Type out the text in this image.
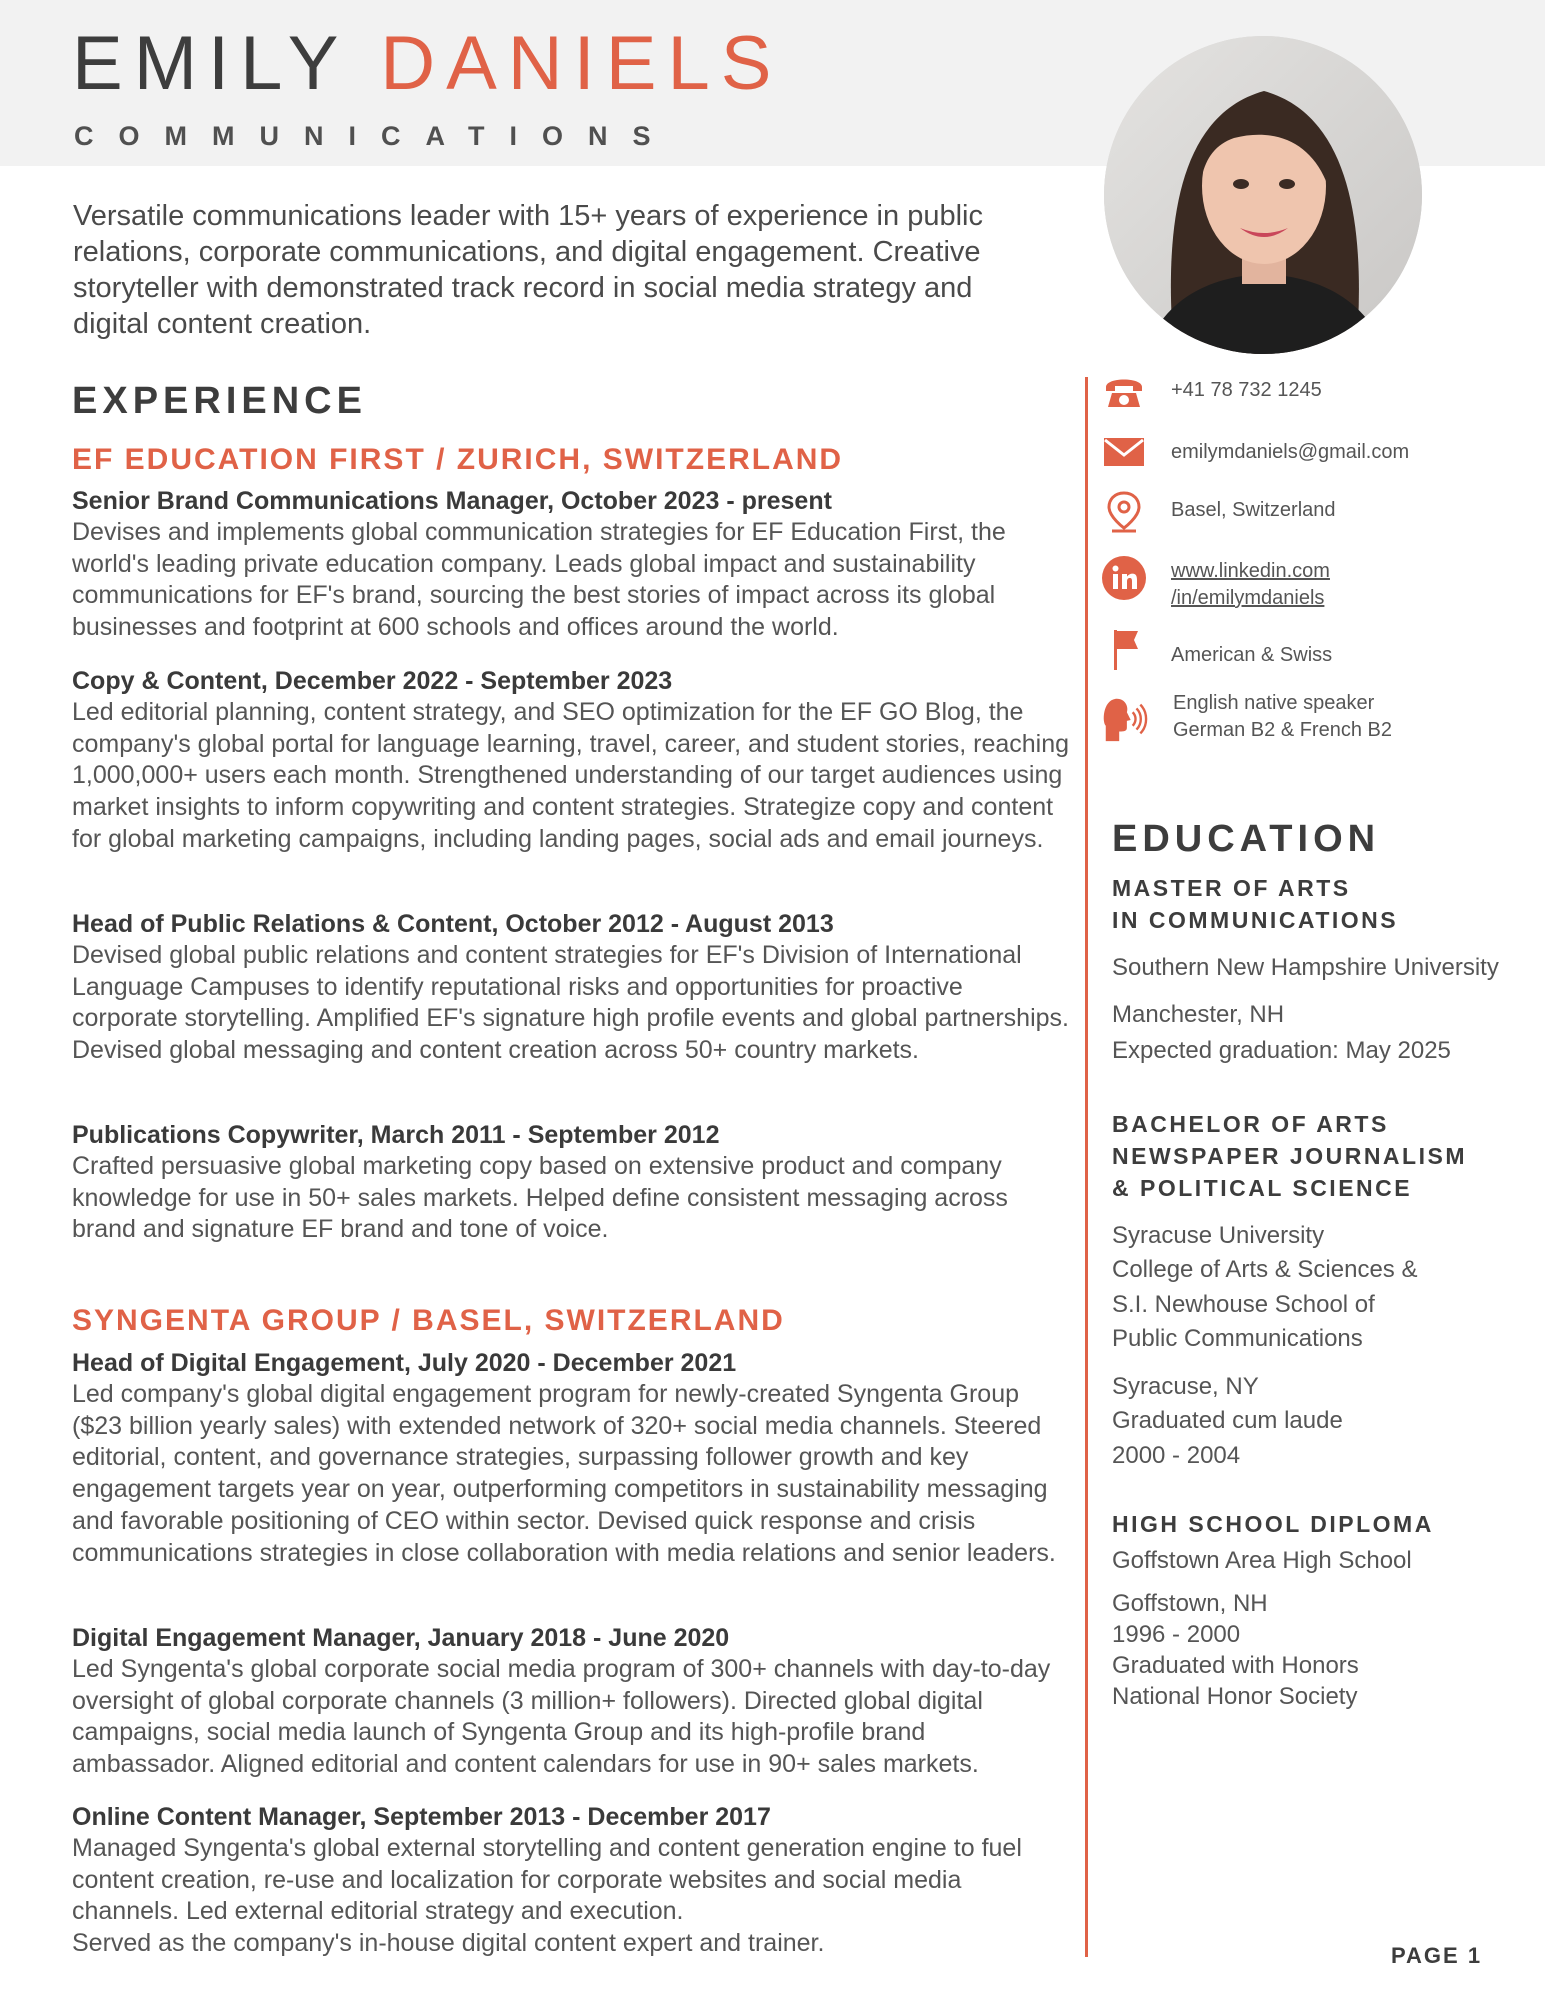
EMILY DANIELS
COMMUNICATIONS
Versatile communications leader with 15+ years of experience in public relations, corporate communications, and digital engagement. Creative storyteller with demonstrated track record in social media strategy and digital content creation.
EXPERIENCE
EF EDUCATION FIRST / ZURICH, SWITZERLAND
Senior Brand Communications Manager, October 2023 - present
Devises and implements global communication strategies for EF Education First, the world's leading private education company. Leads global impact and sustainability communications for EF's brand, sourcing the best stories of impact across its global businesses and footprint at 600 schools and offices around the world.
Copy & Content, December 2022 - September 2023
Led editorial planning, content strategy, and SEO optimization for the EF GO Blog, the company's global portal for language learning, travel, career, and student stories, reaching 1,000,000+ users each month. Strengthened understanding of our target audiences using market insights to inform copywriting and content strategies. Strategize copy and content for global marketing campaigns, including landing pages, social ads and email journeys.
Head of Public Relations & Content, October 2012 - August 2013
Devised global public relations and content strategies for EF's Division of International Language Campuses to identify reputational risks and opportunities for proactive corporate storytelling. Amplified EF's signature high profile events and global partnerships. Devised global messaging and content creation across 50+ country markets.
Publications Copywriter, March 2011 - September 2012
Crafted persuasive global marketing copy based on extensive product and company knowledge for use in 50+ sales markets. Helped define consistent messaging across brand and signature EF brand and tone of voice.
SYNGENTA GROUP / BASEL, SWITZERLAND
Head of Digital Engagement, July 2020 - December 2021
Led company's global digital engagement program for newly-created Syngenta Group ($23 billion yearly sales) with extended network of 320+ social media channels. Steered editorial, content, and governance strategies, surpassing follower growth and key engagement targets year on year, outperforming competitors in sustainability messaging and favorable positioning of CEO within sector. Devised quick response and crisis communications strategies in close collaboration with media relations and senior leaders.
Digital Engagement Manager, January 2018 - June 2020
Led Syngenta's global corporate social media program of 300+ channels with day-to-day oversight of global corporate channels (3 million+ followers). Directed global digital campaigns, social media launch of Syngenta Group and its high-profile brand ambassador. Aligned editorial and content calendars for use in 90+ sales markets.
Online Content Manager, September 2013 - December 2017
Managed Syngenta's global external storytelling and content generation engine to fuel content creation, re-use and localization for corporate websites and social media channels. Led external editorial strategy and execution.
Served as the company's in-house digital content expert and trainer.
+41 78 732 1245
emilymdaniels@gmail.com
Basel, Switzerland
www.linkedin.com
/in/emilymdaniels
American & Swiss
English native speaker
German B2 & French B2
EDUCATION
MASTER OF ARTS
IN COMMUNICATIONS
Southern New Hampshire University
Manchester, NH
Expected graduation: May 2025
BACHELOR OF ARTS
NEWSPAPER JOURNALISM
& POLITICAL SCIENCE
Syracuse University
College of Arts & Sciences &
S.I. Newhouse School of
Public Communications
Syracuse, NY
Graduated cum laude
2000 - 2004
HIGH SCHOOL DIPLOMA
Goffstown Area High School
Goffstown, NH
1996 - 2000
Graduated with Honors
National Honor Society
PAGE 1
